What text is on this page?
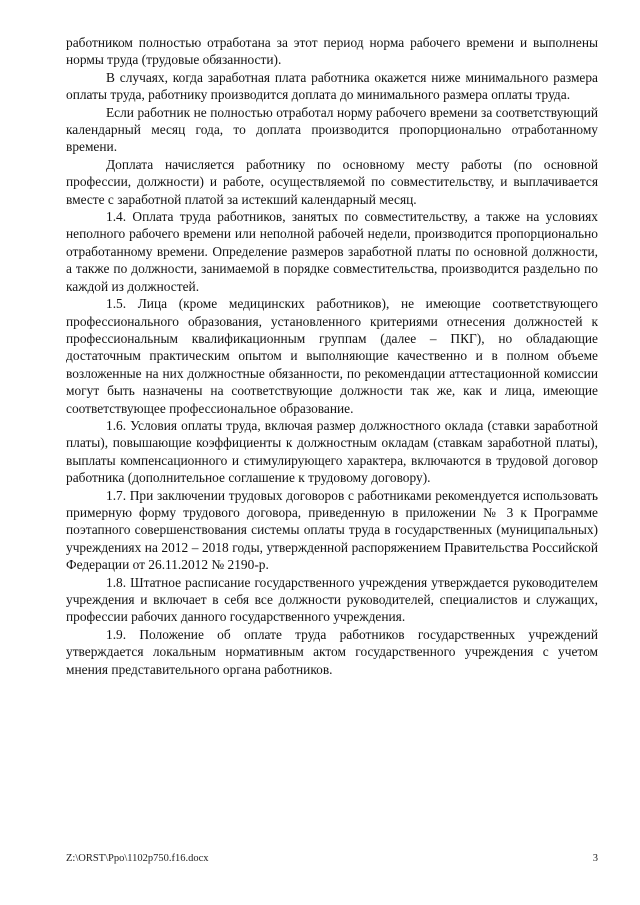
работником полностью отработана за этот период норма рабочего времени и выполнены нормы труда (трудовые обязанности).

В случаях, когда заработная плата работника окажется ниже минимального размера оплаты труда, работнику производится доплата до минимального размера оплаты труда.

Если работник не полностью отработал норму рабочего времени за соответствующий календарный месяц года, то доплата производится пропорционально отработанному времени.

Доплата начисляется работнику по основному месту работы (по основной профессии, должности) и работе, осуществляемой по совместительству, и выплачивается вместе с заработной платой за истекший календарный месяц.

1.4. Оплата труда работников, занятых по совместительству, а также на условиях неполного рабочего времени или неполной рабочей недели, производится пропорционально отработанному времени. Определение размеров заработной платы по основной должности, а также по должности, занимаемой в порядке совместительства, производится раздельно по каждой из должностей.

1.5. Лица (кроме медицинских работников), не имеющие соответствующего профессионального образования, установленного критериями отнесения должностей к профессиональным квалификационным группам (далее – ПКГ), но обладающие достаточным практическим опытом и выполняющие качественно и в полном объеме возложенные на них должностные обязанности, по рекомендации аттестационной комиссии могут быть назначены на соответствующие должности так же, как и лица, имеющие соответствующее профессиональное образование.

1.6. Условия оплаты труда, включая размер должностного оклада (ставки заработной платы), повышающие коэффициенты к должностным окладам (ставкам заработной платы), выплаты компенсационного и стимулирующего характера, включаются в трудовой договор работника (дополнительное соглашение к трудовому договору).

1.7. При заключении трудовых договоров с работниками рекомендуется использовать примерную форму трудового договора, приведенную в приложении № 3 к Программе поэтапного совершенствования системы оплаты труда в государственных (муниципальных) учреждениях на 2012 – 2018 годы, утвержденной распоряжением Правительства Российской Федерации от 26.11.2012 № 2190-р.

1.8. Штатное расписание государственного учреждения утверждается руководителем учреждения и включает в себя все должности руководителей, специалистов и служащих, профессии рабочих данного государственного учреждения.

1.9. Положение об оплате труда работников государственных учреждений утверждается локальным нормативным актом государственного учреждения с учетом мнения представительного органа работников.

Z:\ORST\Ppo\1102p750.f16.docx	3
